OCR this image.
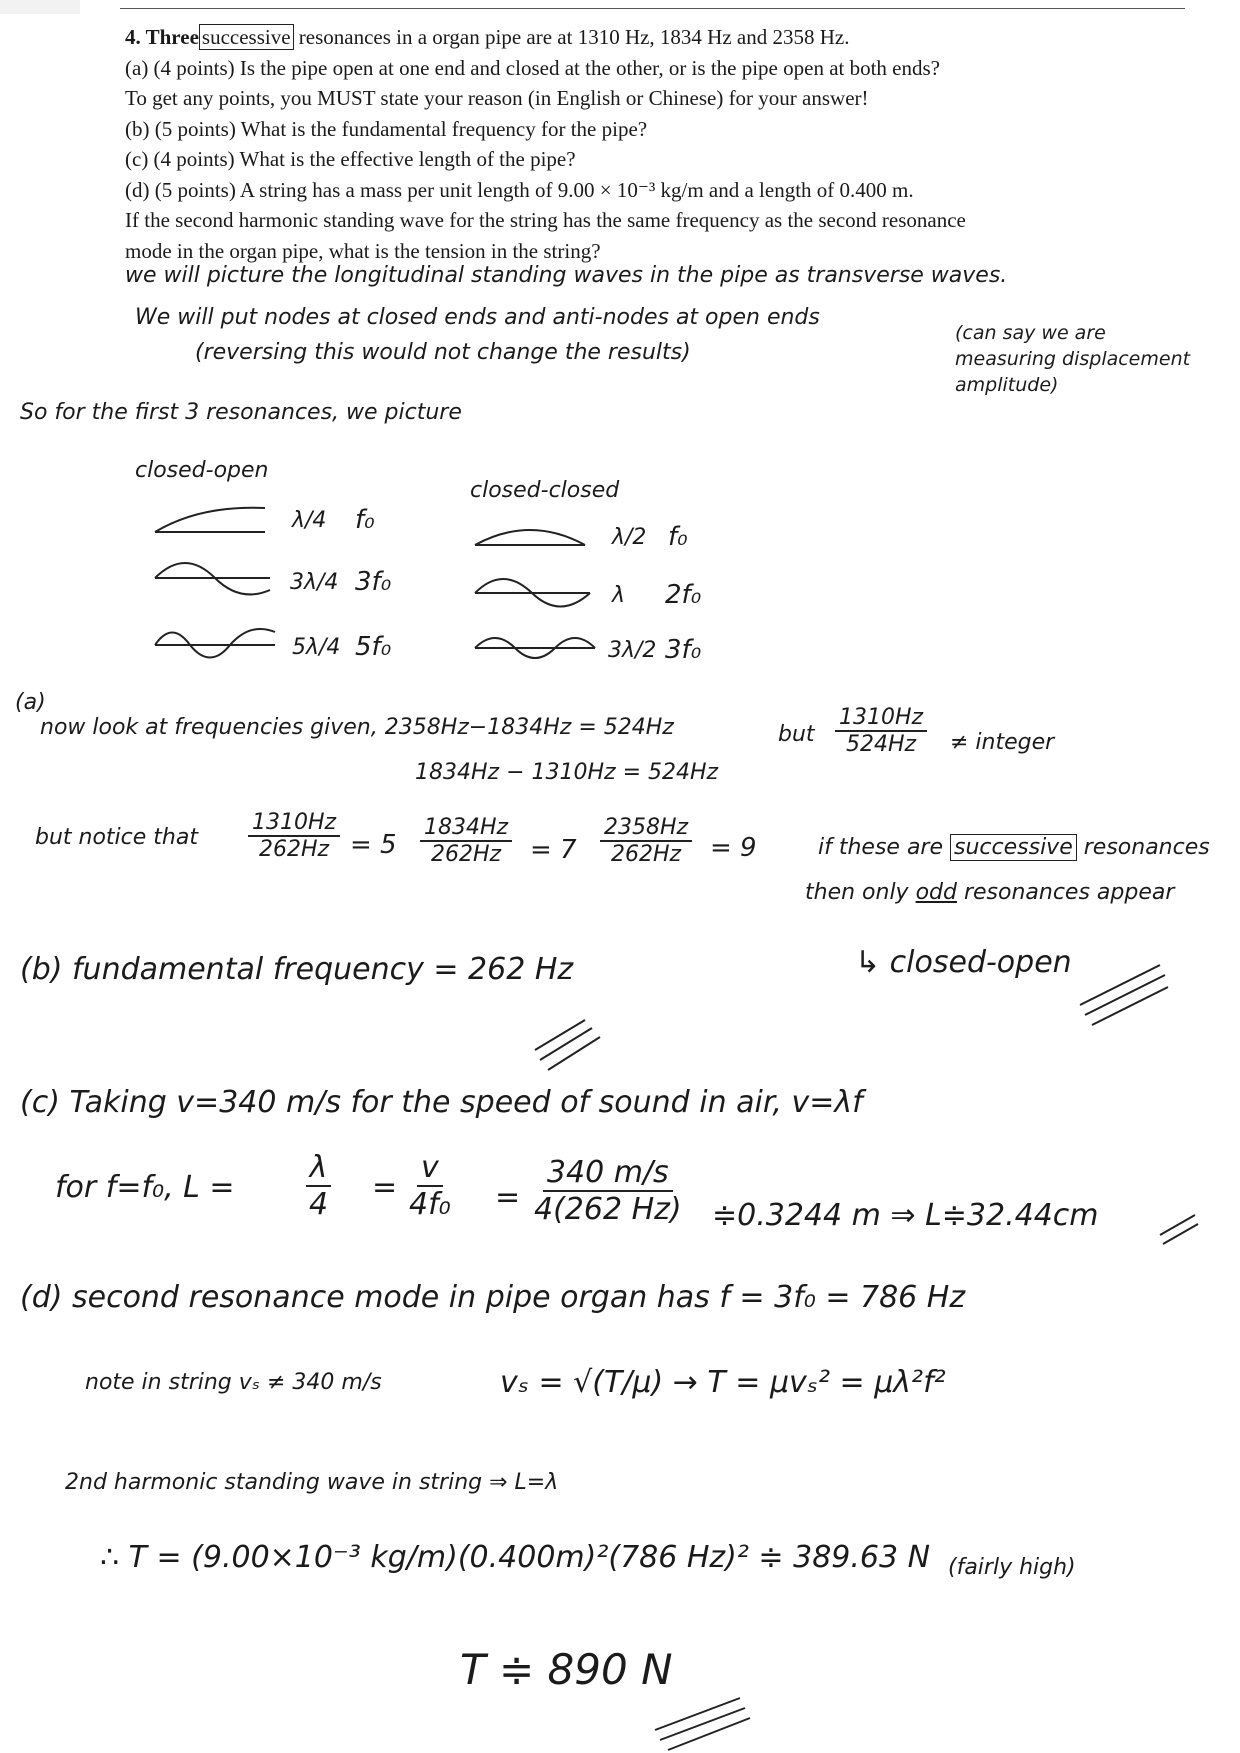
4. Three successive resonances in a organ pipe are at 1310 Hz, 1834 Hz and 2358 Hz.

(a) (4 points) Is the pipe open at one end and closed at the other, or is the pipe open at both ends?

To get any points, you MUST state your reason (in English or Chinese) for your answer!

(b) (5 points) What is the fundamental frequency for the pipe?

(c) (4 points) What is the effective length of the pipe?

(d) (5 points) A string has a mass per unit length of 9.00 × 10⁻³ kg/m and a length of 0.400 m.

If the second harmonic standing wave for the string has the same frequency as the second resonance

mode in the organ pipe, what is the tension in the string?

we will picture the longitudinal standing waves in the pipe as transverse waves.
We will put nodes at closed ends and anti-nodes at open ends
(can say we are measuring displacement amplitude)
(reversing this would not change the results)
So for the first 3 resonances, we picture
closed-open
closed-closed
λ/4 f₀
3λ/4 3f₀
5λ/4 5f₀
λ/2 f₀
λ 2f₀
3λ/2 3f₀
(a)
now look at frequencies given, 2358Hz−1834Hz = 524Hz
1834Hz − 1310Hz = 524Hz
but $\frac{1310Hz}{524Hz}$ ≠ integer
but notice that $\frac{1310Hz}{262Hz} = 5 \frac{1834Hz}{262Hz} = 7 \frac{2358Hz}{262Hz} = 9$	if these are successive resonances
then only odd resonances appear
↳ closed-open
(b) fundamental frequency = 262 Hz
(c) Taking v=340 m/s for the speed of sound in air, v=λf
for f=f₀, $L = \frac{\lambda}{4} = \frac{v}{\text{4f₀}} = \frac{340 m/s}{4(262 Hz)}$ ≑0.3244 m ⇒ L≑32.44cm
(d) second resonance mode in pipe organ has f = 3f₀ = 786 Hz
note in string vₛ ≠ 340 m/s	vₛ = √(T/μ) → T = μvₛ² = μλ²f²
2nd harmonic standing wave in string ⇒ L=λ
∴ T = (9.00×10⁻³ kg/m)(0.400m)²(786 Hz)² ≑ 389.63 N (fairly high)
T ≑ 890 N
